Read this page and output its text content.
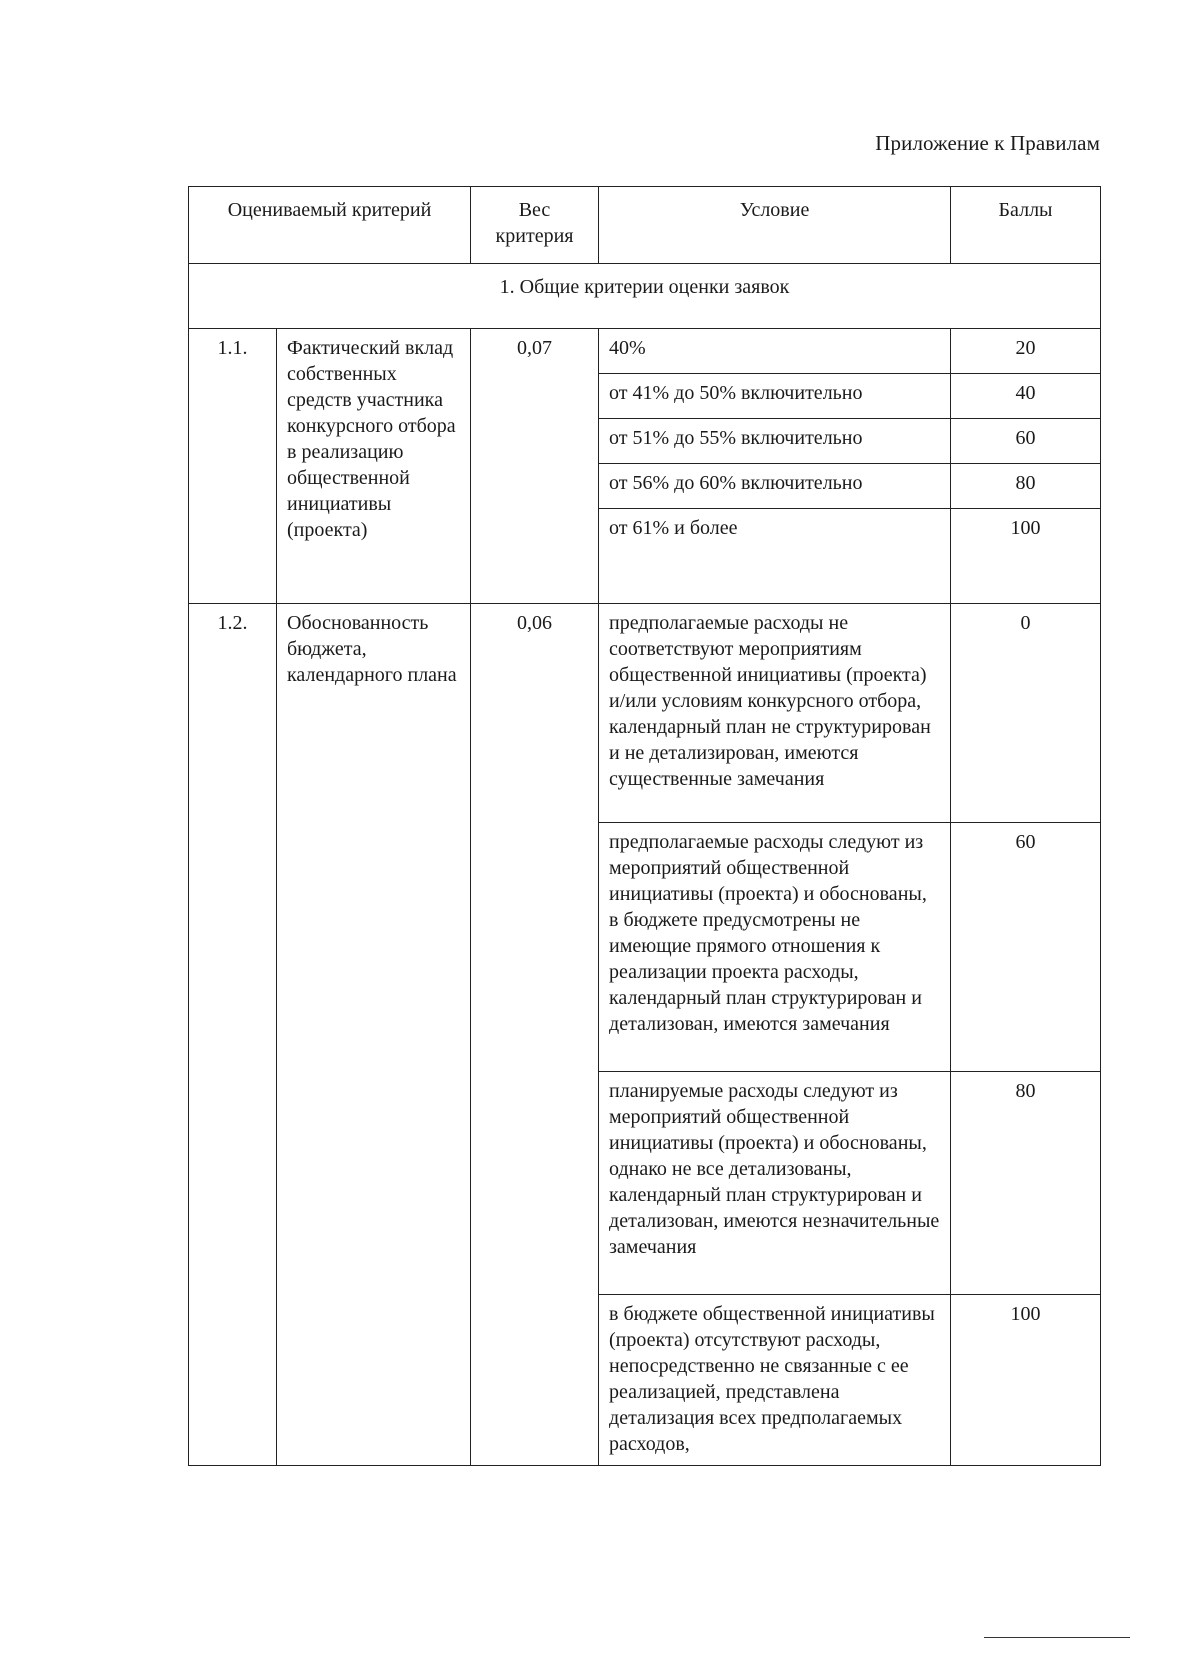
Приложение к Правилам
Оцениваемый критерий		Вес критерия	Условие	Баллы
1. Общие критерии оценки заявок				
1.1.	Фактический вклад собственных средств участника конкурсного отбора в реализацию общественной инициативы (проекта)	0,07	40%	20
			от 41% до 50% включительно	40
			от 51% до 55% включительно	60
			от 56% до 60% включительно	80
			от 61% и более	100
1.2.	Обоснованность бюджета, календарного плана	0,06	предполагаемые расходы не соответствуют мероприятиям общественной инициативы (проекта) и/или условиям конкурсного отбора, календарный план не структурирован и не детализирован, имеются существенные замечания	0
			предполагаемые расходы следуют из мероприятий общественной инициативы (проекта) и обоснованы, в бюджете предусмотрены не имеющие прямого отношения к реализации проекта расходы, календарный план структурирован и детализован, имеются замечания	60
			планируемые расходы следуют из мероприятий общественной инициативы (проекта) и обоснованы, однако не все детализованы, календарный план структурирован и детализован, имеются незначительные замечания	80
			в бюджете общественной инициативы (проекта) отсутствуют расходы, непосредственно не связанные с ее реализацией, представлена детализация всех предполагаемых расходов,	100
